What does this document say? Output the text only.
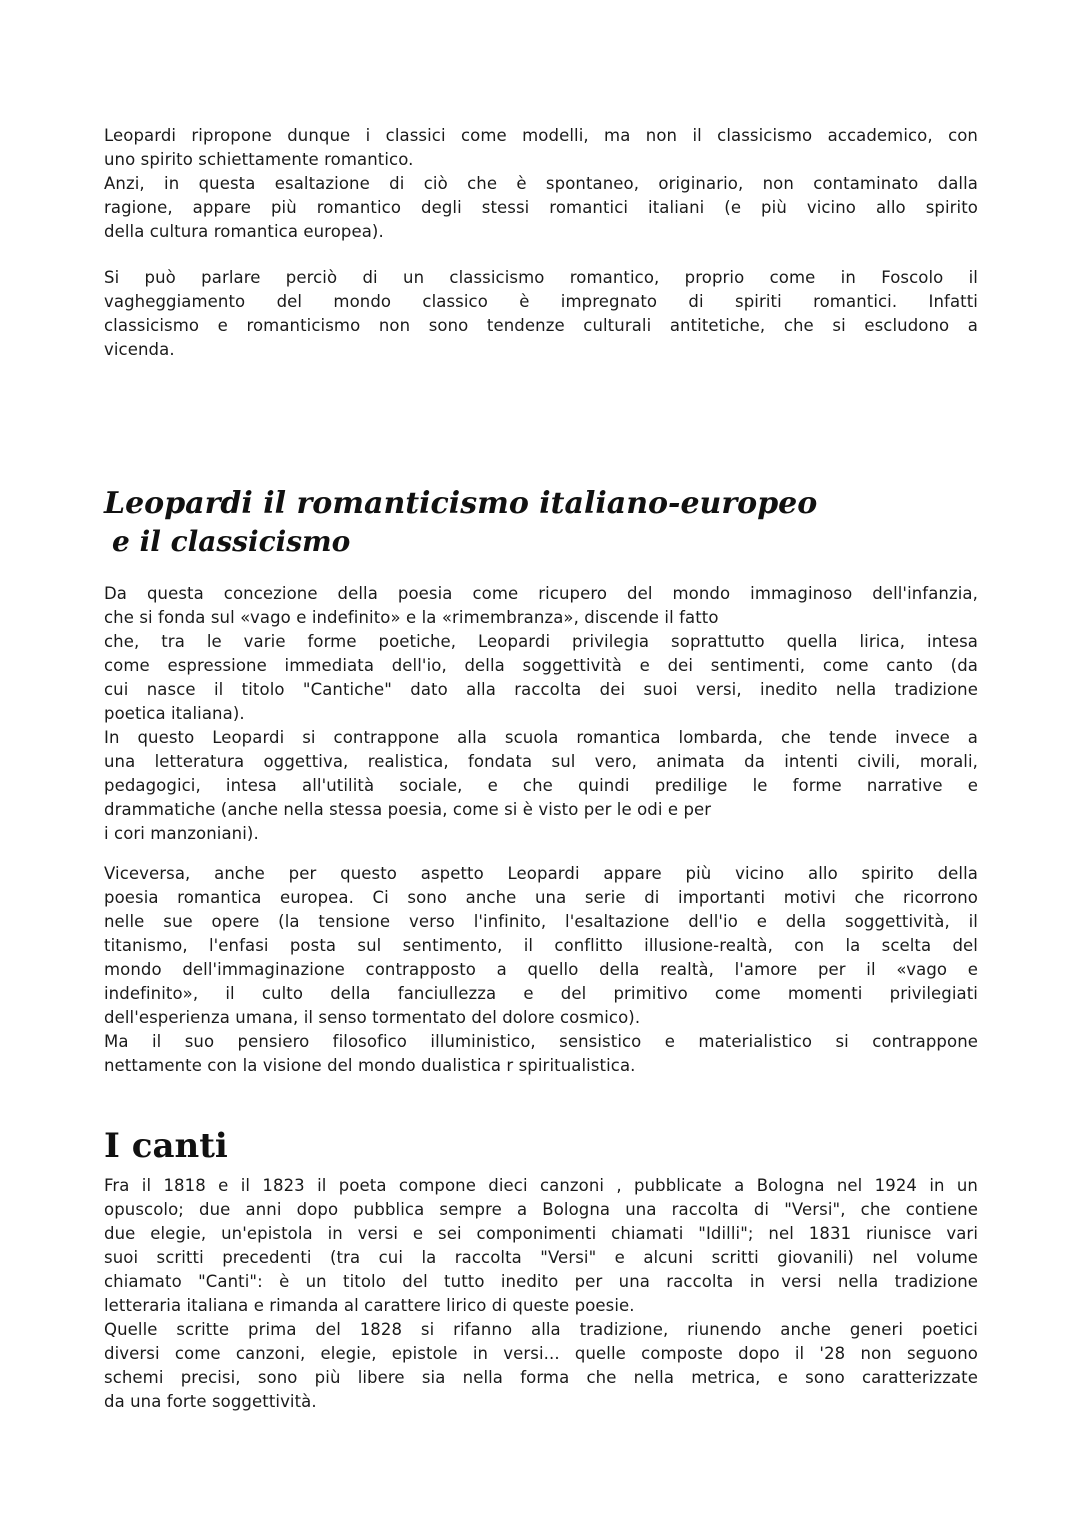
Leopardi ripropone dunque i classici come modelli, ma non il classicismo accademico, con
uno spirito schiettamente romantico.
Anzi, in questa esaltazione di ciò che è spontaneo, originario, non contaminato dalla
ragione, appare più romantico degli stessi romantici italiani (e più vicino allo spirito
della cultura romantica europea).

Si può parlare perciò di un classicismo romantico, proprio come in Foscolo il
vagheggiamento del mondo classico è impregnato di spiriti romantici. Infatti
classicismo e romanticismo non sono tendenze culturali antitetiche, che si escludono a
vicenda.

Leopardi il romanticismo italiano-europeo
e il classicismo

Da questa concezione della poesia come ricupero del mondo immaginoso dell'infanzia,
che si fonda sul «vago e indefinito» e la «rimembranza», discende il fatto
che, tra le varie forme poetiche, Leopardi privilegia soprattutto quella lirica, intesa
come espressione immediata dell'io, della soggettività e dei sentimenti, come canto (da
cui nasce il titolo "Cantiche" dato alla raccolta dei suoi versi, inedito nella tradizione
poetica italiana).
In questo Leopardi si contrappone alla scuola romantica lombarda, che tende invece a
una letteratura oggettiva, realistica, fondata sul vero, animata da intenti civili, morali,
pedagogici, intesa all'utilità sociale, e che quindi predilige le forme narrative e
drammatiche (anche nella stessa poesia, come si è visto per le odi e per
i cori manzoniani).

Viceversa, anche per questo aspetto Leopardi appare più vicino allo spirito della
poesia romantica europea. Ci sono anche una serie di importanti motivi che ricorrono
nelle sue opere (la tensione verso l'infinito, l'esaltazione dell'io e della soggettività, il
titanismo, l'enfasi posta sul sentimento, il conflitto illusione-realtà, con la scelta del
mondo dell'immaginazione contrapposto a quello della realtà, l'amore per il «vago e
indefinito», il culto della fanciullezza e del primitivo come momenti privilegiati
dell'esperienza umana, il senso tormentato del dolore cosmico).
Ma il suo pensiero filosofico illuministico, sensistico e materialistico si contrappone
nettamente con la visione del mondo dualistica r spiritualistica.

I canti

Fra il 1818 e il 1823 il poeta compone dieci canzoni , pubblicate a Bologna nel 1924 in un
opuscolo; due anni dopo pubblica sempre a Bologna una raccolta di "Versi", che contiene
due elegie, un'epistola in versi e sei componimenti chiamati "Idilli"; nel 1831 riunisce vari
suoi scritti precedenti (tra cui la raccolta "Versi" e alcuni scritti giovanili) nel volume
chiamato "Canti": è un titolo del tutto inedito per una raccolta in versi nella tradizione
letteraria italiana e rimanda al carattere lirico di queste poesie.
Quelle scritte prima del 1828 si rifanno alla tradizione, riunendo anche generi poetici
diversi come canzoni, elegie, epistole in versi... quelle composte dopo il '28 non seguono
schemi precisi, sono più libere sia nella forma che nella metrica, e sono caratterizzate
da una forte soggettività.
